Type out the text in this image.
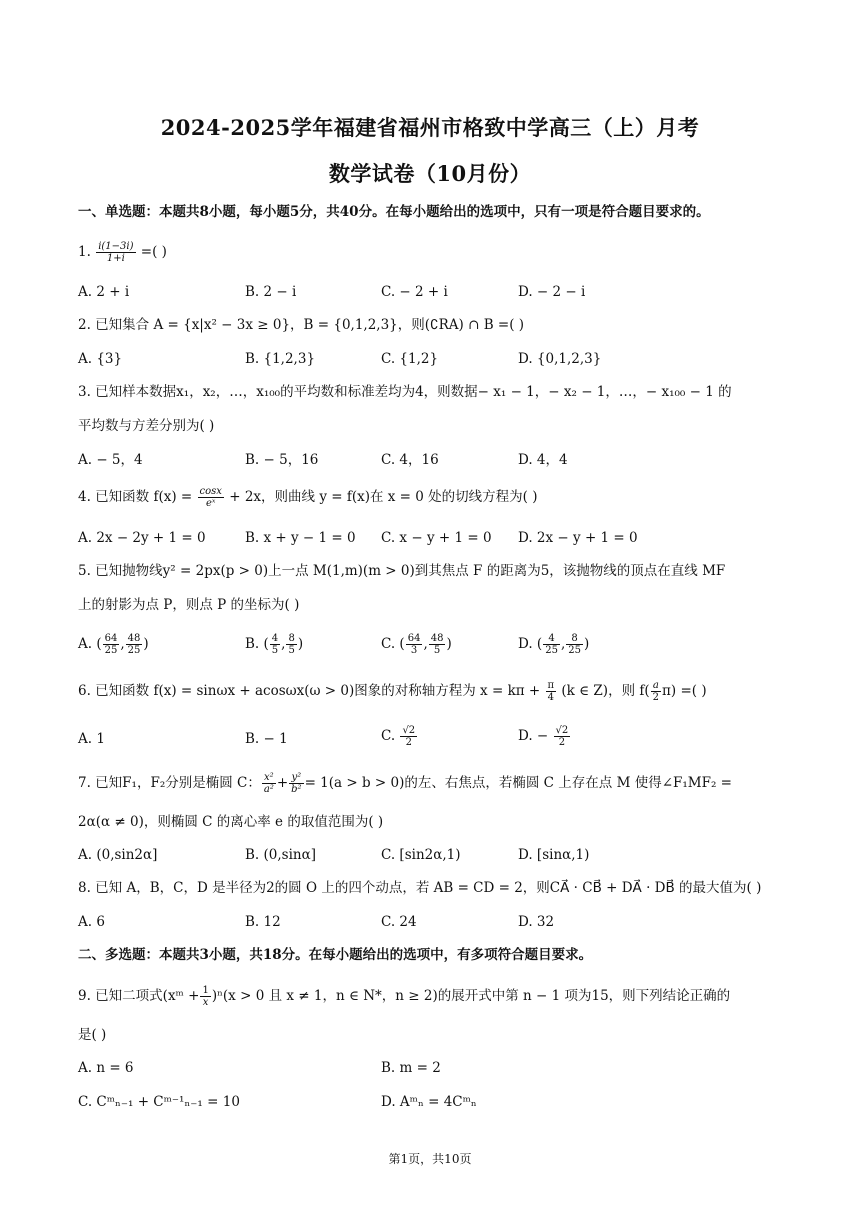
2024-2025学年福建省福州市格致中学高三（上）月考
数学试卷（10月份）
一、单选题：本题共8小题，每小题5分，共40分。在每小题给出的选项中，只有一项是符合题目要求的。
1. $\frac{i(1-3i)}{1+i}$ =( )
A. 2 + i	B. 2 − i	C. − 2 + i	D. − 2 − i
2. 已知集合 A = {x|x² − 3x ≥ 0}，B = {0,1,2,3}，则(∁RA) ∩ B =( )
A. {3}	B. {1,2,3}	C. {1,2}	D. {0,1,2,3}
3. 已知样本数据x₁，x₂，…，x₁₀₀的平均数和标准差均为4，则数据− x₁ − 1，− x₂ − 1，…，− x₁₀₀ − 1 的
平均数与方差分别为( )
A. − 5，4	B. − 5，16	C. 4，16	D. 4，4
4. 已知函数 $f(x) = \frac{\cos x}{\text{eˣ}} + 2x$，则曲线 y = f(x)在 x = 0 处的切线方程为( )
A. 2x − 2y + 1 = 0	B. x + y − 1 = 0 C. x − y + 1 = 0 D. 2x − y + 1 = 0
5. 已知抛物线y² = 2px(p > 0)上一点 M(1,m)(m > 0)到其焦点 F 的距离为5，该抛物线的顶点在直线 MF
上的射影为点 P，则点 P 的坐标为( )
A. ( $\frac{64}{25}$ , $\frac{48}{25}$ )	B. ( $\frac{4}{5}$ , $\frac{8}{5}$ )	C. ( $\frac{64}{3}$ , $\frac{48}{5}$ )	D. ( $\frac{4}{25}$ , $\frac{8}{25}$ )
6. 已知函数 f(x) = sinωx + acosωx(ω > 0)图象的对称轴方程为 $x = k\pi + \frac{\pi}{4} (k$ ∈ Z)，则 $f( \frac{a}{2} \pi)$ =( )
A. 1	B. − 1	C. $\frac{√2}{2}$	D. − $\frac{√2}{2}$
7. 已知F₁，F₂分别是椭圆 C： $\frac{\text{x²}}{\text{a²}} + \frac{\text{y²}}{\text{b²}} = 1(a > b > 0)$的左、右焦点，若椭圆 C 上存在点 M 使得∠F₁MF₂ =
2α(α ≠ 0)，则椭圆 C 的离心率 e 的取值范围为( )
A. (0,sin2α]	B. (0,sinα]	C. [sin2α,1)	D. [sinα,1)
8. 已知 A，B，C，D 是半径为2的圆 O 上的四个动点，若 AB = CD = 2，则CA⃗ · CB⃗ + DA⃗ · DB⃗ 的最大值为( )
A. 6	B. 12	C. 24	D. 32
二、多选题：本题共3小题，共18分。在每小题给出的选项中，有多项符合题目要求。
9. 已知二项式(xᵐ + $\frac{1}{x} )^n(x > 0$ 且 x ≠ 1，n ∈ N*，n ≥ 2)的展开式中第 n − 1 项为15，则下列结论正确的
是( )
A. n = 6	B. m = 2
C. Cᵐₙ₋₁ + Cᵐ⁻¹ₙ₋₁ = 10	D. Aᵐₙ = 4Cᵐₙ
第1页，共10页
